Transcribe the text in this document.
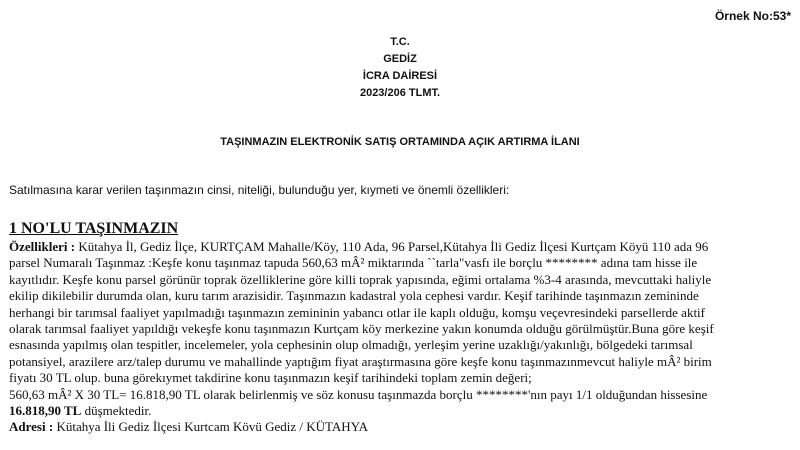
Örnek No:53*
T.C.
GEDİZ
İCRA DAİRESİ
2023/206 TLMT.
TAŞINMAZIN ELEKTRONİK SATIŞ ORTAMINDA AÇIK ARTIRMA İLANI
Satılmasına karar verilen taşınmazın cinsi, niteliği, bulunduğu yer, kıymeti ve önemli özellikleri:

1 NO'LU TAŞINMAZIN

Özellikleri : Kütahya İl, Gediz İlçe, KURTÇAM Mahalle/Köy, 110 Ada, 96 Parsel,Kütahya İli Gediz İlçesi Kurtçam Köyü 110 ada 96
parsel Numaralı Taşınmaz :Keşfe konu taşınmaz tapuda 560,63 mÂ² miktarında ``tarla"vasfı ile borçlu ******** adına tam hisse ile
kayıtlıdır. Keşfe konu parsel görünür toprak özelliklerine göre killi toprak yapısında, eğimi ortalama %3-4 arasında, mevcuttaki haliyle
ekilip dikilebilir durumda olan, kuru tarım arazisidir. Taşınmazın kadastral yola cephesi vardır. Keşif tarihinde taşınmazın zemininde
herhangi bir tarımsal faaliyet yapılmadığı taşınmazın zemininin yabancı otlar ile kaplı olduğu, komşu veçevresindeki parsellerde aktif
olarak tarımsal faaliyet yapıldığı vekeşfe konu taşınmazın Kurtçam köy merkezine yakın konumda olduğu görülmüştür.Buna göre keşif
esnasında yapılmış olan tespitler, incelemeler, yola cephesinin olup olmadığı, yerleşim yerine uzaklığı/yakınlığı, bölgedeki tarımsal
potansiyel, arazilere arz/talep durumu ve mahallinde yaptığım fiyat araştırmasına göre keşfe konu taşınmazınmevcut haliyle mÂ² birim
fiyatı 30 TL olup. buna görekıymet takdirine konu taşınmazın keşif tarihindeki toplam zemin değeri;
560,63 mÂ² X 30 TL= 16.818,90 TL olarak belirlenmiş ve söz konusu taşınmazda borçlu ********'nın payı 1/1 olduğundan hissesine
16.818,90 TL düşmektedir.
Adresi : Kütahya İli Gediz İlçesi Kurtcam Kövü Gediz / KÜTAHYA
